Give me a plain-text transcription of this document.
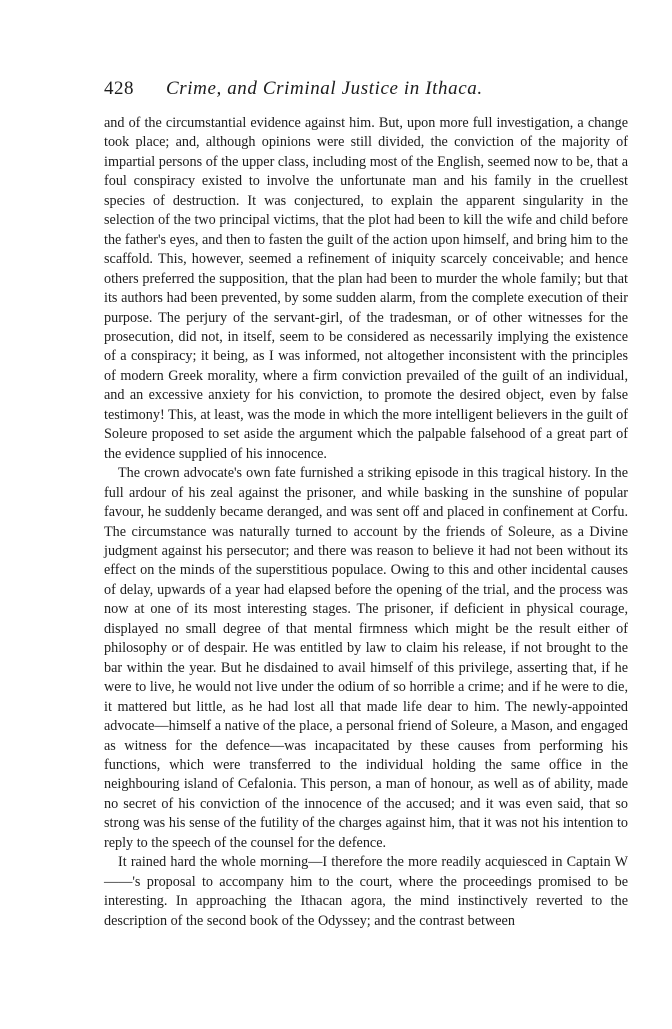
428	Crime, and Criminal Justice in Ithaca.

and of the circumstantial evidence against him. But, upon more full investigation, a change took place; and, although opinions were still divided, the conviction of the majority of impartial persons of the upper class, including most of the English, seemed now to be, that a foul conspiracy existed to involve the unfortunate man and his family in the cruellest species of destruction. It was conjectured, to explain the apparent singularity in the selection of the two principal victims, that the plot had been to kill the wife and child before the father's eyes, and then to fasten the guilt of the action upon himself, and bring him to the scaffold. This, however, seemed a refinement of iniquity scarcely conceivable; and hence others preferred the supposition, that the plan had been to murder the whole family; but that its authors had been prevented, by some sudden alarm, from the complete execution of their purpose. The perjury of the servant-girl, of the tradesman, or of other witnesses for the prosecution, did not, in itself, seem to be considered as necessarily implying the existence of a conspiracy; it being, as I was informed, not altogether inconsistent with the principles of modern Greek morality, where a firm conviction prevailed of the guilt of an individual, and an excessive anxiety for his conviction, to promote the desired object, even by false testimony! This, at least, was the mode in which the more intelligent believers in the guilt of Soleure proposed to set aside the argument which the palpable falsehood of a great part of the evidence supplied of his innocence.

The crown advocate's own fate furnished a striking episode in this tragical history. In the full ardour of his zeal against the prisoner, and while basking in the sunshine of popular favour, he suddenly became deranged, and was sent off and placed in confinement at Corfu. The circumstance was naturally turned to account by the friends of Soleure, as a Divine judgment against his persecutor; and there was reason to believe it had not been without its effect on the minds of the superstitious populace. Owing to this and other incidental causes of delay, upwards of a year had elapsed before the opening of the trial, and the process was now at one of its most interesting stages. The prisoner, if deficient in physical courage, displayed no small degree of that mental firmness which might be the result either of philosophy or of despair. He was entitled by law to claim his release, if not brought to the bar within the year. But he disdained to avail himself of this privilege, asserting that, if he were to live, he would not live under the odium of so horrible a crime; and if he were to die, it mattered but little, as he had lost all that made life dear to him. The newly-appointed advocate—himself a native of the place, a personal friend of Soleure, a Mason, and engaged as witness for the defence—was incapacitated by these causes from performing his functions, which were transferred to the individual holding the same office in the neighbouring island of Cefalonia. This person, a man of honour, as well as of ability, made no secret of his conviction of the innocence of the accused; and it was even said, that so strong was his sense of the futility of the charges against him, that it was not his intention to reply to the speech of the counsel for the defence.

It rained hard the whole morning—I therefore the more readily acquiesced in Captain W——'s proposal to accompany him to the court, where the proceedings promised to be interesting. In approaching the Ithacan agora, the mind instinctively reverted to the description of the second book of the Odyssey; and the contrast between
